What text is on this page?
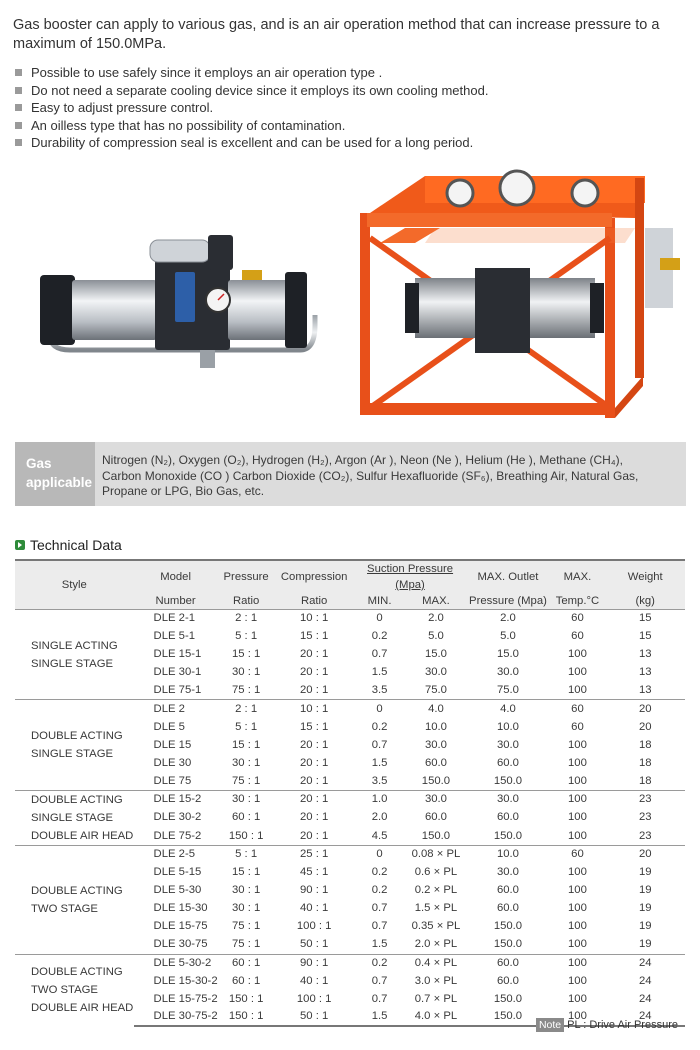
Gas booster can apply to various gas, and is an air operation method that can increase pressure to a maximum of 150.0MPa.

Possible to use safely since it employs an air operation type .
Do not need a separate cooling device since it employs its own cooling method.
Easy to adjust pressure control.
An oilless type that has no possibility of contamination.
Durability of compression seal is excellent and can be used for a long period.
Gas
applicable
Nitrogen (N₂), Oxygen (O₂), Hydrogen (H₂), Argon (Ar ), Neon (Ne ), Helium (He ), Methane (CH₄),
Carbon Monoxide (CO ) Carbon Dioxide (CO₂), Sulfur Hexafluoride (SF₆), Breathing Air, Natural Gas,
Propane or LPG, Bio Gas, etc.
Technical Data
Style	Model	Pressure	Compression	Suction Pressure (Mpa)		MAX. Outlet	MAX.	Weight
	Number	Ratio	Ratio	MIN.	MAX.	Pressure (Mpa)	Temp.°C	(kg)

SINGLE ACTING
SINGLE STAGE	DLE 2-1	2 : 1	10 : 1	0	2.0	2.0	60	15
	DLE 5-1	5 : 1	15 : 1	0.2	5.0	5.0	60	15
	DLE 15-1	15 : 1	20 : 1	0.7	15.0	15.0	100	13
	DLE 30-1	30 : 1	20 : 1	1.5	30.0	30.0	100	13
	DLE 75-1	75 : 1	20 : 1	3.5	75.0	75.0	100	13

DOUBLE ACTING
SINGLE STAGE	DLE 2	2 : 1	10 : 1	0	4.0	4.0	60	20
	DLE 5	5 : 1	15 : 1	0.2	10.0	10.0	60	20
	DLE 15	15 : 1	20 : 1	0.7	30.0	30.0	100	18
	DLE 30	30 : 1	20 : 1	1.5	60.0	60.0	100	18
	DLE 75	75 : 1	20 : 1	3.5	150.0	150.0	100	18

DOUBLE ACTING
SINGLE STAGE
DOUBLE AIR HEAD	DLE 15-2	30 : 1	20 : 1	1.0	30.0	30.0	100	23
	DLE 30-2	60 : 1	20 : 1	2.0	60.0	60.0	100	23
	DLE 75-2	150 : 1	20 : 1	4.5	150.0	150.0	100	23

DOUBLE ACTING
TWO STAGE	DLE 2-5	5 : 1	25 : 1	0	0.08 × PL	10.0	60	20
	DLE 5-15	15 : 1	45 : 1	0.2	0.6 × PL	30.0	100	19
	DLE 5-30	30 : 1	90 : 1	0.2	0.2 × PL	60.0	100	19
	DLE 15-30	30 : 1	40 : 1	0.7	1.5 × PL	60.0	100	19
	DLE 15-75	75 : 1	100 : 1	0.7	0.35 × PL	150.0	100	19
	DLE 30-75	75 : 1	50 : 1	1.5	2.0 × PL	150.0	100	19

DOUBLE ACTING
TWO STAGE
DOUBLE AIR HEAD	DLE 5-30-2	60 : 1	90 : 1	0.2	0.4 × PL	60.0	100	24
	DLE 15-30-2	60 : 1	40 : 1	0.7	3.0 × PL	60.0	100	24
	DLE 15-75-2	150 : 1	100 : 1	0.7	0.7 × PL	150.0	100	24
	DLE 30-75-2	150 : 1	50 : 1	1.5	4.0 × PL	150.0	100	24
Note PL : Drive Air Pressure
